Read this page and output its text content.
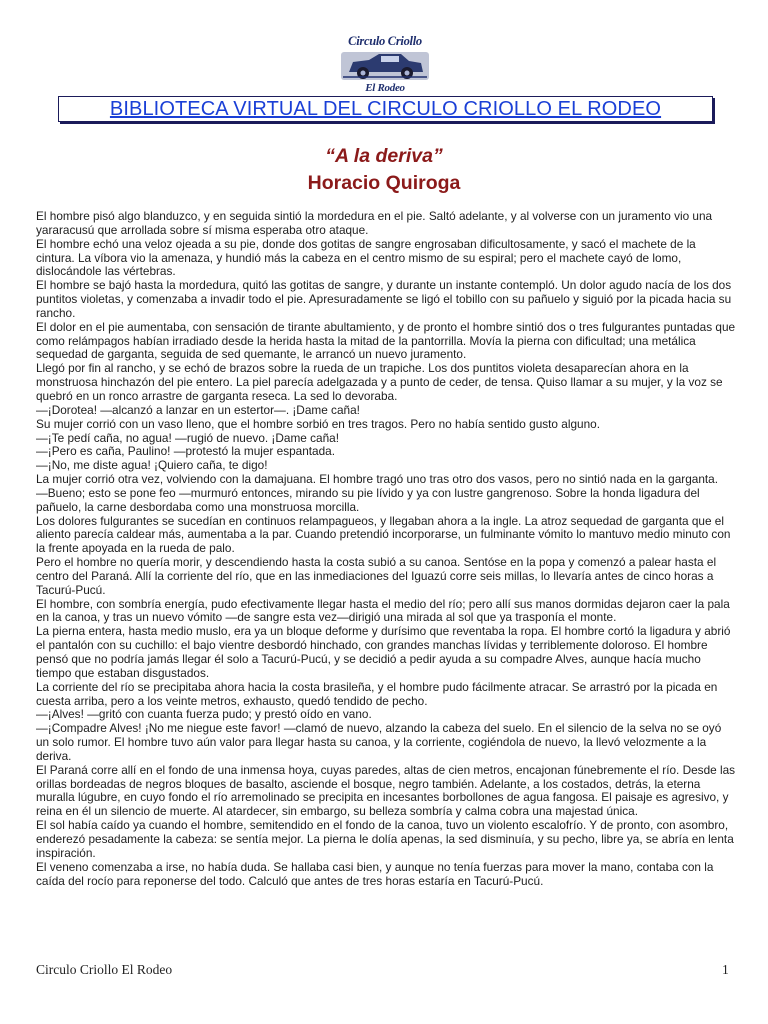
Circulo Criollo
El Rodeo
BIBLIOTECA VIRTUAL DEL CIRCULO CRIOLLO EL RODEO
“A la deriva”
Horacio Quiroga

El hombre pisó algo blanduzco, y en seguida sintió la mordedura en el pie. Saltó adelante, y al volverse con un juramento vio una yararacusú que arrollada sobre sí misma esperaba otro ataque.

El hombre echó una veloz ojeada a su pie, donde dos gotitas de sangre engrosaban dificultosamente, y sacó el machete de la cintura. La víbora vio la amenaza, y hundió más la cabeza en el centro mismo de su espiral; pero el machete cayó de lomo, dislocándole las vértebras.

El hombre se bajó hasta la mordedura, quitó las gotitas de sangre, y durante un instante contempló. Un dolor agudo nacía de los dos puntitos violetas, y comenzaba a invadir todo el pie. Apresuradamente se ligó el tobillo con su pañuelo y siguió por la picada hacia su rancho.

El dolor en el pie aumentaba, con sensación de tirante abultamiento, y de pronto el hombre sintió dos o tres fulgurantes puntadas que como relámpagos habían irradiado desde la herida hasta la mitad de la pantorrilla. Movía la pierna con dificultad; una metálica sequedad de garganta, seguida de sed quemante, le arrancó un nuevo juramento.

Llegó por fin al rancho, y se echó de brazos sobre la rueda de un trapiche. Los dos puntitos violeta desaparecían ahora en la monstruosa hinchazón del pie entero. La piel parecía adelgazada y a punto de ceder, de tensa. Quiso llamar a su mujer, y la voz se quebró en un ronco arrastre de garganta reseca. La sed lo devoraba.

—¡Dorotea! —alcanzó a lanzar en un estertor—. ¡Dame caña!

Su mujer corrió con un vaso lleno, que el hombre sorbió en tres tragos. Pero no había sentido gusto alguno.

—¡Te pedí caña, no agua! —rugió de nuevo. ¡Dame caña!

—¡Pero es caña, Paulino! —protestó la mujer espantada.

—¡No, me diste agua! ¡Quiero caña, te digo!

La mujer corrió otra vez, volviendo con la damajuana. El hombre tragó uno tras otro dos vasos, pero no sintió nada en la garganta.

—Bueno; esto se pone feo —murmuró entonces, mirando su pie lívido y ya con lustre gangrenoso. Sobre la honda ligadura del pañuelo, la carne desbordaba como una monstruosa morcilla.

Los dolores fulgurantes se sucedían en continuos relampagueos, y llegaban ahora a la ingle. La atroz sequedad de garganta que el aliento parecía caldear más, aumentaba a la par. Cuando pretendió incorporarse, un fulminante vómito lo mantuvo medio minuto con la frente apoyada en la rueda de palo.

Pero el hombre no quería morir, y descendiendo hasta la costa subió a su canoa. Sentóse en la popa y comenzó a palear hasta el centro del Paraná. Allí la corriente del río, que en las inmediaciones del Iguazú corre seis millas, lo llevaría antes de cinco horas a Tacurú-Pucú.

El hombre, con sombría energía, pudo efectivamente llegar hasta el medio del río; pero allí sus manos dormidas dejaron caer la pala en la canoa, y tras un nuevo vómito —de sangre esta vez—dirigió una mirada al sol que ya trasponía el monte.

La pierna entera, hasta medio muslo, era ya un bloque deforme y durísimo que reventaba la ropa. El hombre cortó la ligadura y abrió el pantalón con su cuchillo: el bajo vientre desbordó hinchado, con grandes manchas lívidas y terriblemente doloroso. El hombre pensó que no podría jamás llegar él solo a Tacurú-Pucú, y se decidió a pedir ayuda a su compadre Alves, aunque hacía mucho tiempo que estaban disgustados.

La corriente del río se precipitaba ahora hacia la costa brasileña, y el hombre pudo fácilmente atracar. Se arrastró por la picada en cuesta arriba, pero a los veinte metros, exhausto, quedó tendido de pecho.

—¡Alves! —gritó con cuanta fuerza pudo; y prestó oído en vano.

—¡Compadre Alves! ¡No me niegue este favor! —clamó de nuevo, alzando la cabeza del suelo. En el silencio de la selva no se oyó un solo rumor. El hombre tuvo aún valor para llegar hasta su canoa, y la corriente, cogiéndola de nuevo, la llevó velozmente a la deriva.

El Paraná corre allí en el fondo de una inmensa hoya, cuyas paredes, altas de cien metros, encajonan fúnebremente el río. Desde las orillas bordeadas de negros bloques de basalto, asciende el bosque, negro también. Adelante, a los costados, detrás, la eterna muralla lúgubre, en cuyo fondo el río arremolinado se precipita en incesantes borbollones de agua fangosa. El paisaje es agresivo, y reina en él un silencio de muerte. Al atardecer, sin embargo, su belleza sombría y calma cobra una majestad única.

El sol había caído ya cuando el hombre, semitendido en el fondo de la canoa, tuvo un violento escalofrío. Y de pronto, con asombro, enderezó pesadamente la cabeza: se sentía mejor. La pierna le dolía apenas, la sed disminuía, y su pecho, libre ya, se abría en lenta inspiración.

El veneno comenzaba a irse, no había duda. Se hallaba casi bien, y aunque no tenía fuerzas para mover la mano, contaba con la caída del rocío para reponerse del todo. Calculó que antes de tres horas estaría en Tacurú-Pucú.

Circulo Criollo El Rodeo	1
